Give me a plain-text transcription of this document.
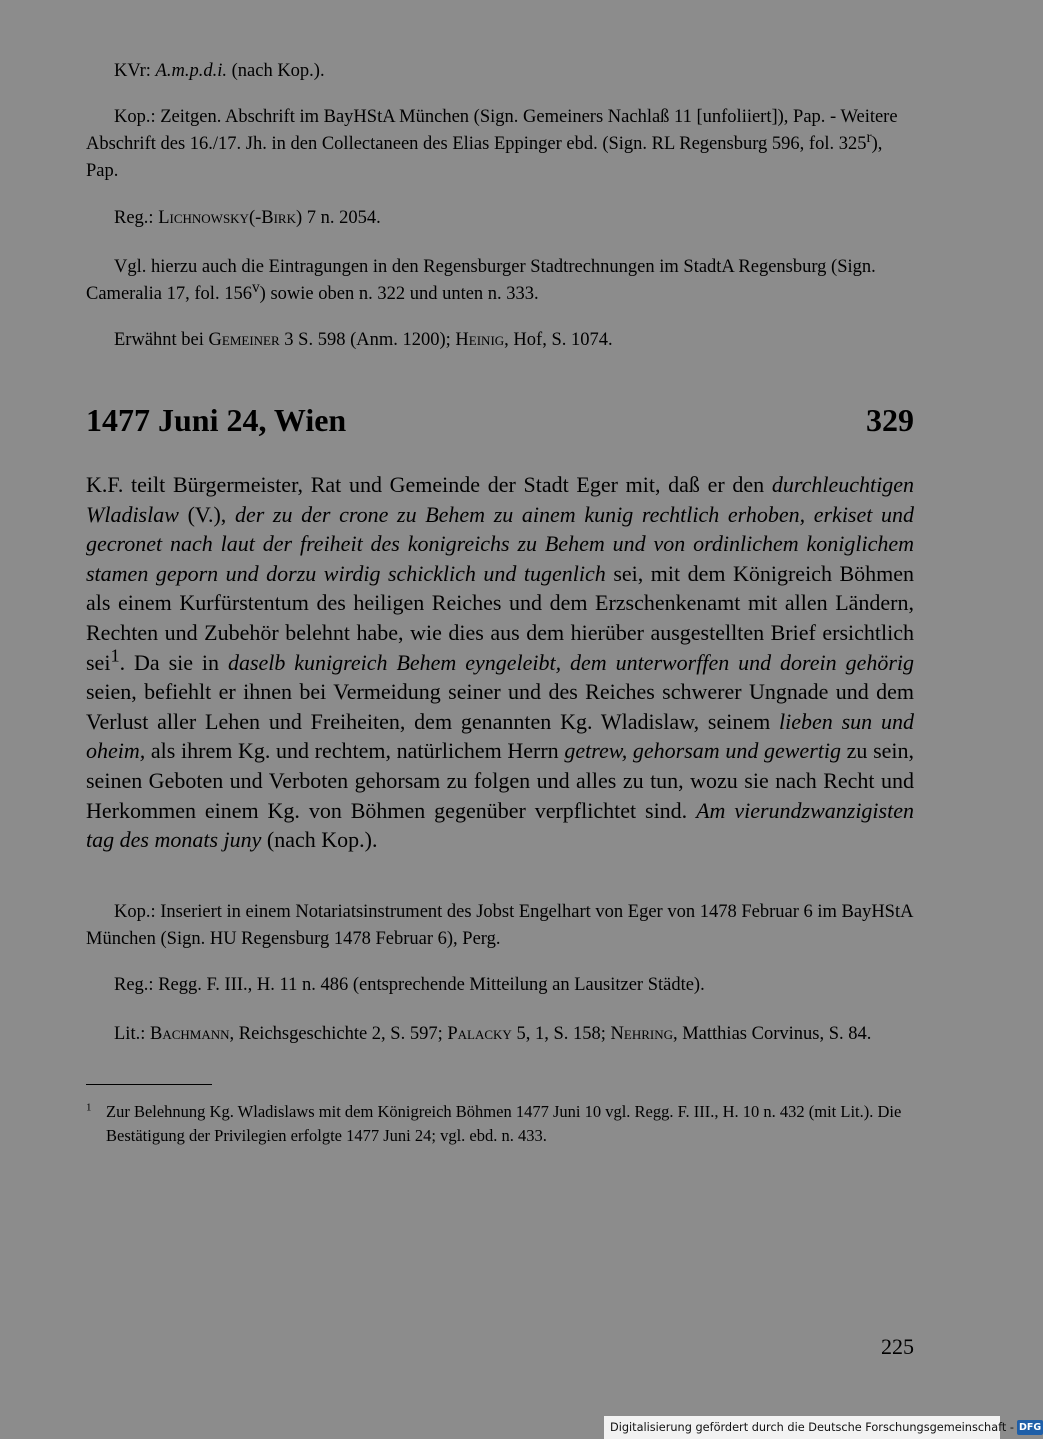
KVr: A.m.p.d.i. (nach Kop.).

Kop.: Zeitgen. Abschrift im BayHStA München (Sign. Gemeiners Nachlaß 11 [unfoliiert]), Pap. - Weitere Abschrift des 16./17. Jh. in den Collectaneen des Elias Eppinger ebd. (Sign. RL Regensburg 596, fol. 325$^r$), Pap.

Reg.: Lichnowsky(-Birk) 7 n. 2054.

Vgl. hierzu auch die Eintragungen in den Regensburger Stadtrechnungen im StadtA Regensburg (Sign. Cameralia 17, fol. 156$^v$) sowie oben n. 322 und unten n. 333.

Erwähnt bei Gemeiner 3 S. 598 (Anm. 1200); Heinig, Hof, S. 1074.

1477 Juni 24, Wien	329

K.F. teilt Bürgermeister, Rat und Gemeinde der Stadt Eger mit, daß er den durchleuchtigen Wladislaw (V.), der zu der crone zu Behem zu ainem kunig rechtlich erhoben, erkiset und gecronet nach laut der freiheit des konigreichs zu Behem und von ordinlichem koniglichem stamen geporn und dorzu wirdig schicklich und tugenlich sei, mit dem Königreich Böhmen als einem Kurfürstentum des heiligen Reiches und dem Erzschenkenamt mit allen Ländern, Rechten und Zubehör belehnt habe, wie dies aus dem hierüber ausgestellten Brief ersichtlich sei$^1$. Da sie in daselb kunigreich Behem eyngeleibt, dem unterworffen und dorein gehörig seien, befiehlt er ihnen bei Vermeidung seiner und des Reiches schwerer Ungnade und dem Verlust aller Lehen und Freiheiten, dem genannten Kg. Wladislaw, seinem lieben sun und oheim, als ihrem Kg. und rechtem, natürlichem Herrn getrew, gehorsam und gewertig zu sein, seinen Geboten und Verboten gehorsam zu folgen und alles zu tun, wozu sie nach Recht und Herkommen einem Kg. von Böhmen gegenüber verpflichtet sind. Am vierundzwanzigisten tag des monats juny (nach Kop.).

Kop.: Inseriert in einem Notariatsinstrument des Jobst Engelhart von Eger von 1478 Februar 6 im BayHStA München (Sign. HU Regensburg 1478 Februar 6), Perg.

Reg.: Regg. F. III., H. 11 n. 486 (entsprechende Mitteilung an Lausitzer Städte).

Lit.: Bachmann, Reichsgeschichte 2, S. 597; Palacky 5, 1, S. 158; Nehring, Matthias Corvinus, S. 84.

$^1$ Zur Belehnung Kg. Wladislaws mit dem Königreich Böhmen 1477 Juni 10 vgl. Regg. F. III., H. 10 n. 432 (mit Lit.). Die Bestätigung der Privilegien erfolgte 1477 Juni 24; vgl. ebd. n. 433.

225
Digitalisierung gefördert durch die Deutsche Forschungsgemeinschaft - DFG
